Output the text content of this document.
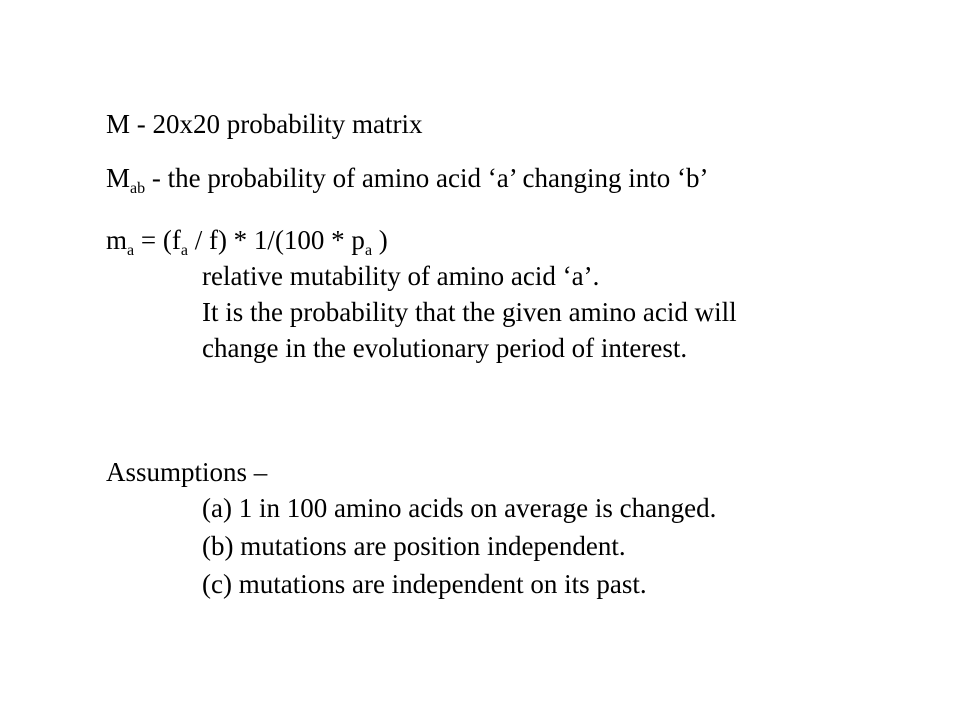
M - 20x20 probability matrix
$M_{ab}$ - the probability of amino acid ‘a’ changing into ‘b’
$m_a = (f_a / f) * 1/(100 * p_a$ )
relative mutability of amino acid ‘a’.
It is the probability that the given amino acid will
change in the evolutionary period of interest.
Assumptions –
(a) 1 in 100 amino acids on average is changed.
(b) mutations are position independent.
(c) mutations are independent on its past.
